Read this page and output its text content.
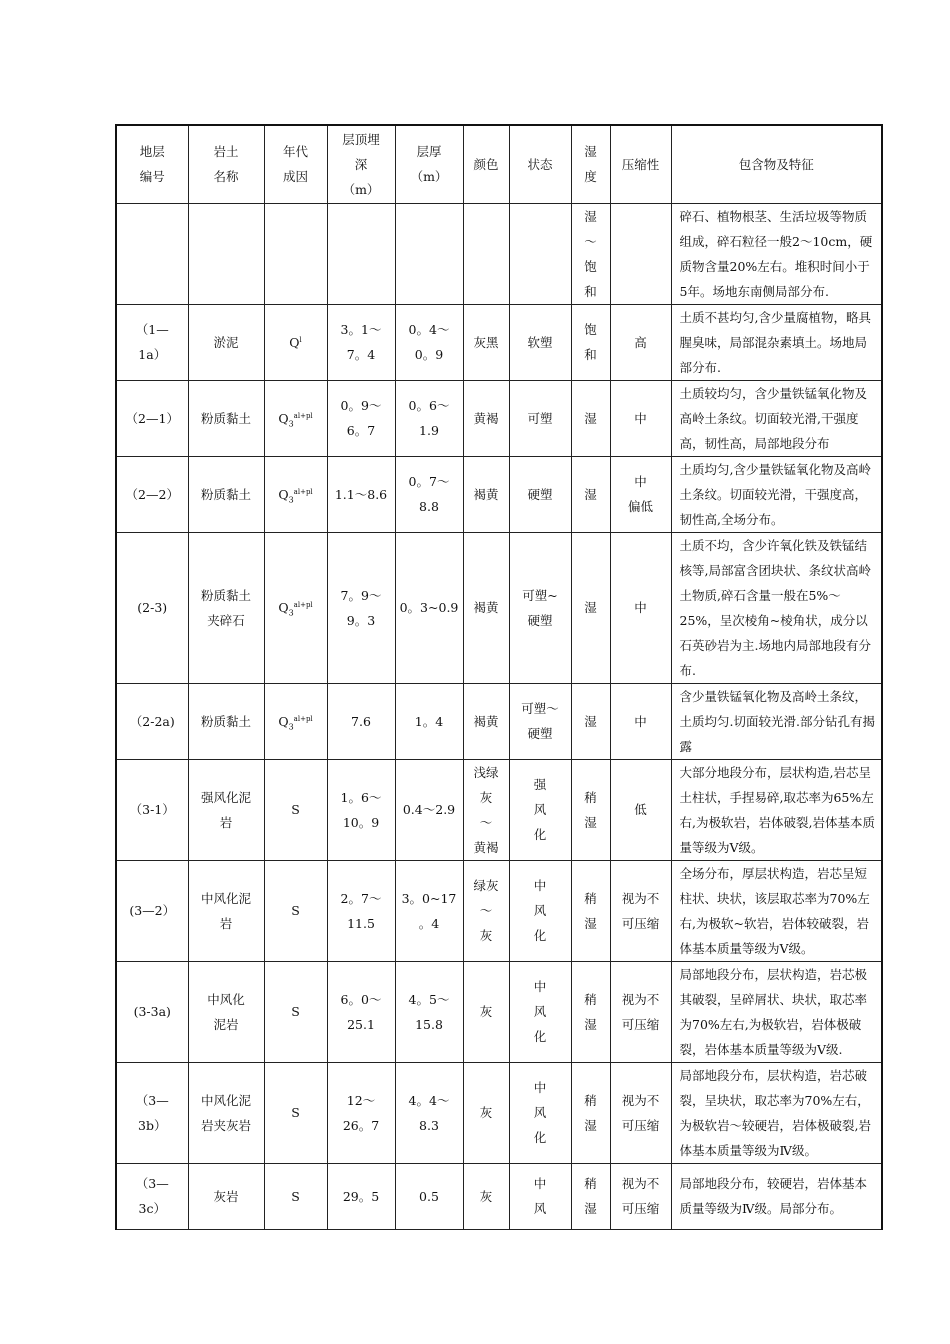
地层
编号	岩土
名称	年代
成因	层顶埋
深
（m）	层厚
（m）	颜色	状态	湿
度	压缩性	包含物及特征

							湿
～
饱
和		碎石、植物根茎、生活垃圾等物质组成，碎石粒径一般2～10cm，硬质物含量20%左右。堆积时间小于5年。场地东南侧局部分布.

（1—
1a）	淤泥	$Q^l$	3。1～
7。4	0。4～
0。9	灰黑	软塑	饱
和	高	土质不甚均匀,含少量腐植物，略具腥臭味，局部混杂素填土。场地局部分布.

（2—1）	粉质黏土	$Q_3^{al+pl}$	0。9～
6。7	0。6～
1.9	黄褐	可塑	湿	中	土质较均匀，含少量铁锰氧化物及高岭土条纹。切面较光滑,干强度高，韧性高，局部地段分布

（2—2）	粉质黏土	$Q_3^{al+pl}$	1.1～8.6	0。7～
8.8	褐黄	硬塑	湿	中
偏低	土质均匀,含少量铁锰氧化物及高岭土条纹。切面较光滑，干强度高，韧性高,全场分布。

(2-3)	粉质黏土
夹碎石	$Q_3^{al+pl}$	7。9～
9。3	0。3~0.9	褐黄	可塑~
硬塑	湿	中	土质不均，含少许氧化铁及铁锰结核等,局部富含团块状、条纹状高岭土物质,碎石含量一般在5%～25%，呈次棱角~棱角状，成分以石英砂岩为主.场地内局部地段有分布.

（2-2a)	粉质黏土	$Q_3^{al+pl}$	7.6	1。4	褐黄	可塑～
硬塑	湿	中	含少量铁锰氧化物及高岭土条纹，土质均匀.切面较光滑.部分钻孔有揭露

（3-1）	强风化泥
岩	S	1。6～
10。9	0.4～2.9	浅绿
灰
～
黄褐	强
风
化	稍
湿	低	大部分地段分布，层状构造,岩芯呈土柱状，手捏易碎,取芯率为65%左右,为极软岩，岩体破裂,岩体基本质量等级为Ⅴ级。

(3—2）	中风化泥
岩	S	2。7～
11.5	3。0~17
。4	绿灰
～
灰	中
风
化	稍
湿	视为不
可压缩	全场分布，厚层状构造，岩芯呈短柱状、块状，该层取芯率为70%左右,为极软~软岩，岩体较破裂，岩体基本质量等级为Ⅴ级。

(3-3a)	中风化
泥岩	S	6。0～
25.1	4。5～
15.8	灰	中
风
化	稍
湿	视为不
可压缩	局部地段分布，层状构造，岩芯极其破裂，呈碎屑状、块状，取芯率为70%左右,为极软岩，岩体极破裂，岩体基本质量等级为Ⅴ级.

（3—
3b）	中风化泥
岩夹灰岩	S	12～
26。7	4。4～
8.3	灰	中
风
化	稍
湿	视为不
可压缩	局部地段分布，层状构造，岩芯破裂，呈块状，取芯率为70%左右，为极软岩～较硬岩，岩体极破裂,岩体基本质量等级为Ⅳ级。

（3—
3c）	灰岩	S	29。5	0.5	灰	中
风	稍
湿	视为不
可压缩	局部地段分布，较硬岩，岩体基本质量等级为Ⅳ级。局部分布。
